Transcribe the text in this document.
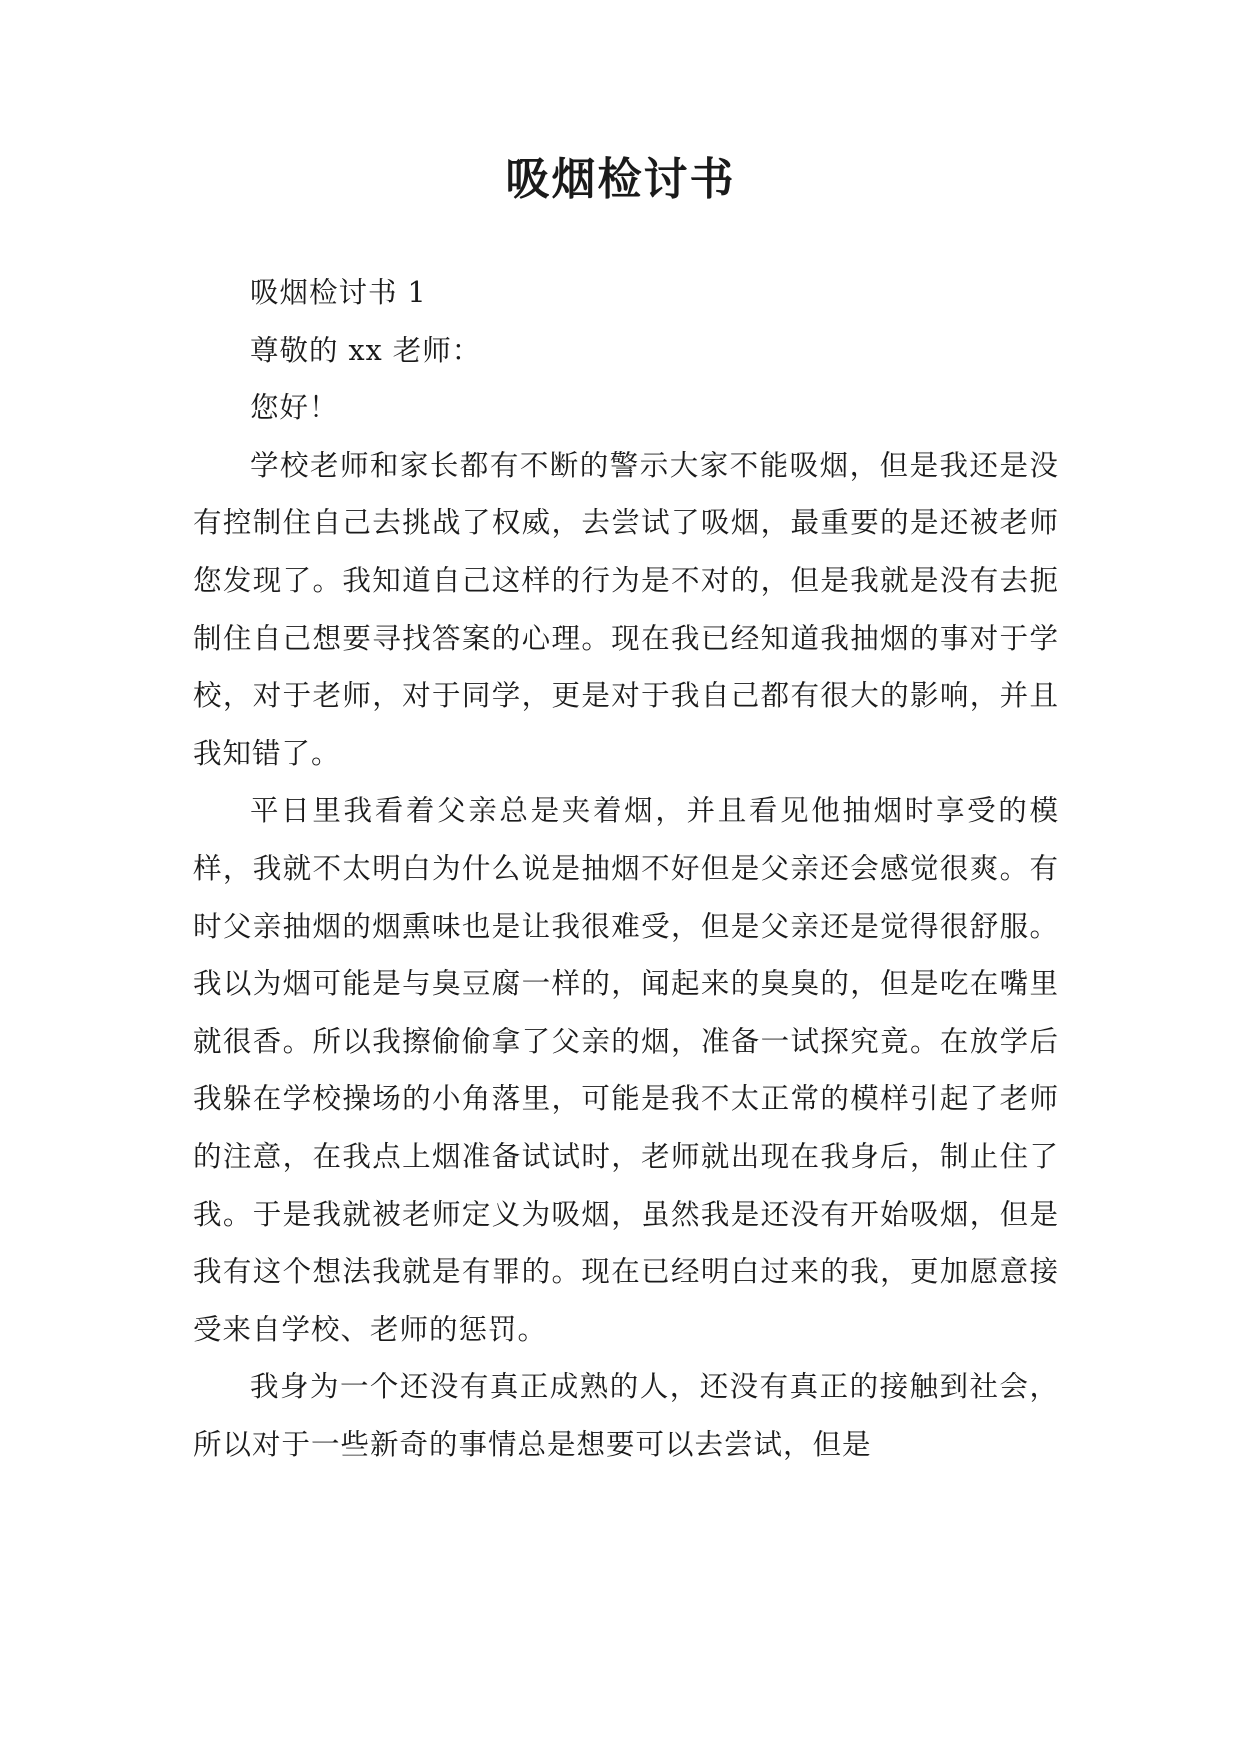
吸烟检讨书

吸烟检讨书 1

尊敬的 xx 老师：

您好！

学校老师和家长都有不断的警示大家不能吸烟，但是我还是没有控制住自己去挑战了权威，去尝试了吸烟，最重要的是还被老师您发现了。我知道自己这样的行为是不对的，但是我就是没有去扼制住自己想要寻找答案的心理。现在我已经知道我抽烟的事对于学校，对于老师，对于同学，更是对于我自己都有很大的影响，并且我知错了。

平日里我看着父亲总是夹着烟，并且看见他抽烟时享受的模样，我就不太明白为什么说是抽烟不好但是父亲还会感觉很爽。有时父亲抽烟的烟熏味也是让我很难受，但是父亲还是觉得很舒服。我以为烟可能是与臭豆腐一样的，闻起来的臭臭的，但是吃在嘴里就很香。所以我擦偷偷拿了父亲的烟，准备一试探究竟。在放学后我躲在学校操场的小角落里，可能是我不太正常的模样引起了老师的注意，在我点上烟准备试试时，老师就出现在我身后，制止住了我。于是我就被老师定义为吸烟，虽然我是还没有开始吸烟，但是我有这个想法我就是有罪的。现在已经明白过来的我，更加愿意接受来自学校、老师的惩罚。

我身为一个还没有真正成熟的人，还没有真正的接触到社会，所以对于一些新奇的事情总是想要可以去尝试，但是
